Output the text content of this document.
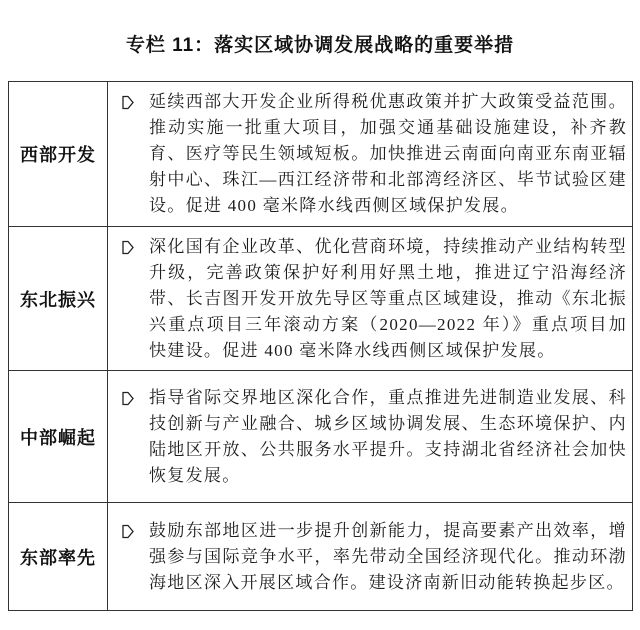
专栏 11：落实区域协调发展战略的重要举措
西部开发

延续西部大开发企业所得税优惠政策并扩大政策受益范围。推动实施一批重大项目，加强交通基础设施建设，补齐教育、医疗等民生领域短板。加快推进云南面向南亚东南亚辐射中心、珠江—西江经济带和北部湾经济区、毕节试验区建设。促进 400 毫米降水线西侧区域保护发展。

东北振兴

深化国有企业改革、优化营商环境，持续推动产业结构转型升级，完善政策保护好利用好黑土地，推进辽宁沿海经济带、长吉图开发开放先导区等重点区域建设，推动《东北振兴重点项目三年滚动方案（2020—2022 年）》重点项目加快建设。促进 400 毫米降水线西侧区域保护发展。

中部崛起

指导省际交界地区深化合作，重点推进先进制造业发展、科技创新与产业融合、城乡区域协调发展、生态环境保护、内陆地区开放、公共服务水平提升。支持湖北省经济社会加快恢复发展。

东部率先

鼓励东部地区进一步提升创新能力，提高要素产出效率，增强参与国际竞争水平，率先带动全国经济现代化。推动环渤海地区深入开展区域合作。建设济南新旧动能转换起步区。
